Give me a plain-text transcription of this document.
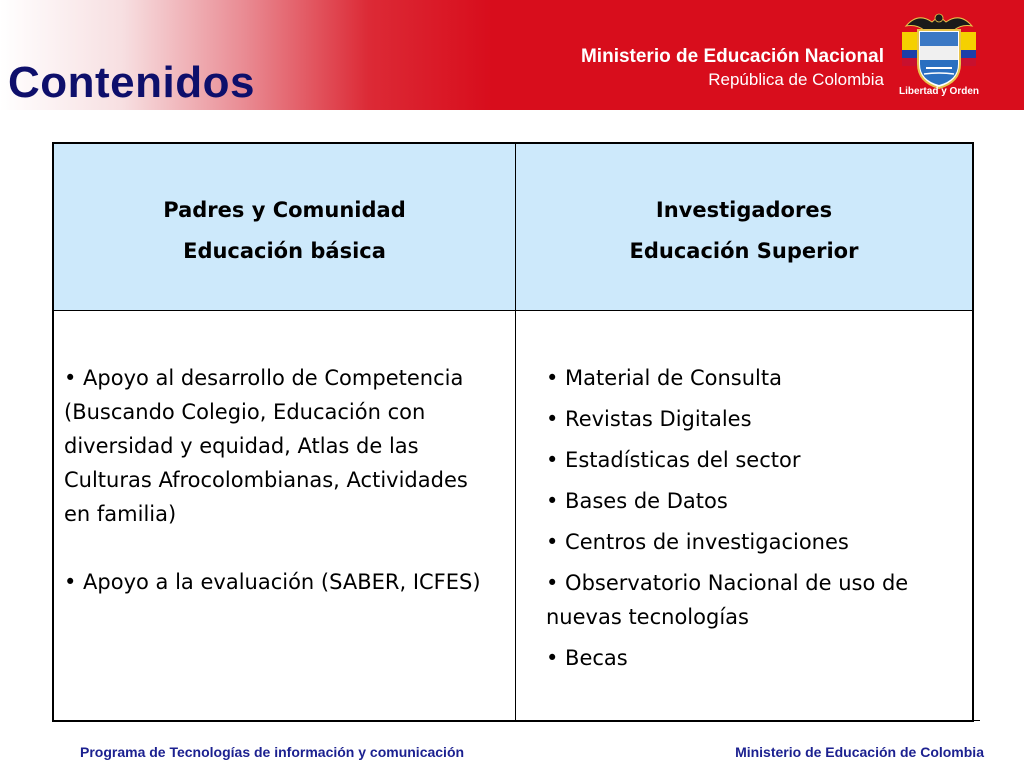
Contenidos
Ministerio de Educación Nacional
República de Colombia
Libertad y Orden
Padres y Comunidad
Educación básica
Investigadores
Educación Superior
• Apoyo al desarrollo de Competencia (Buscando Colegio, Educación con diversidad y equidad, Atlas de las Culturas Afrocolombianas, Actividades en familia)
• Apoyo a la evaluación (SABER, ICFES)
• Material de Consulta
• Revistas Digitales
• Estadísticas del sector
• Bases de Datos
• Centros de investigaciones
• Observatorio Nacional de uso de nuevas tecnologías
• Becas
Programa de Tecnologías de información y comunicación	Ministerio de Educación de Colombia
